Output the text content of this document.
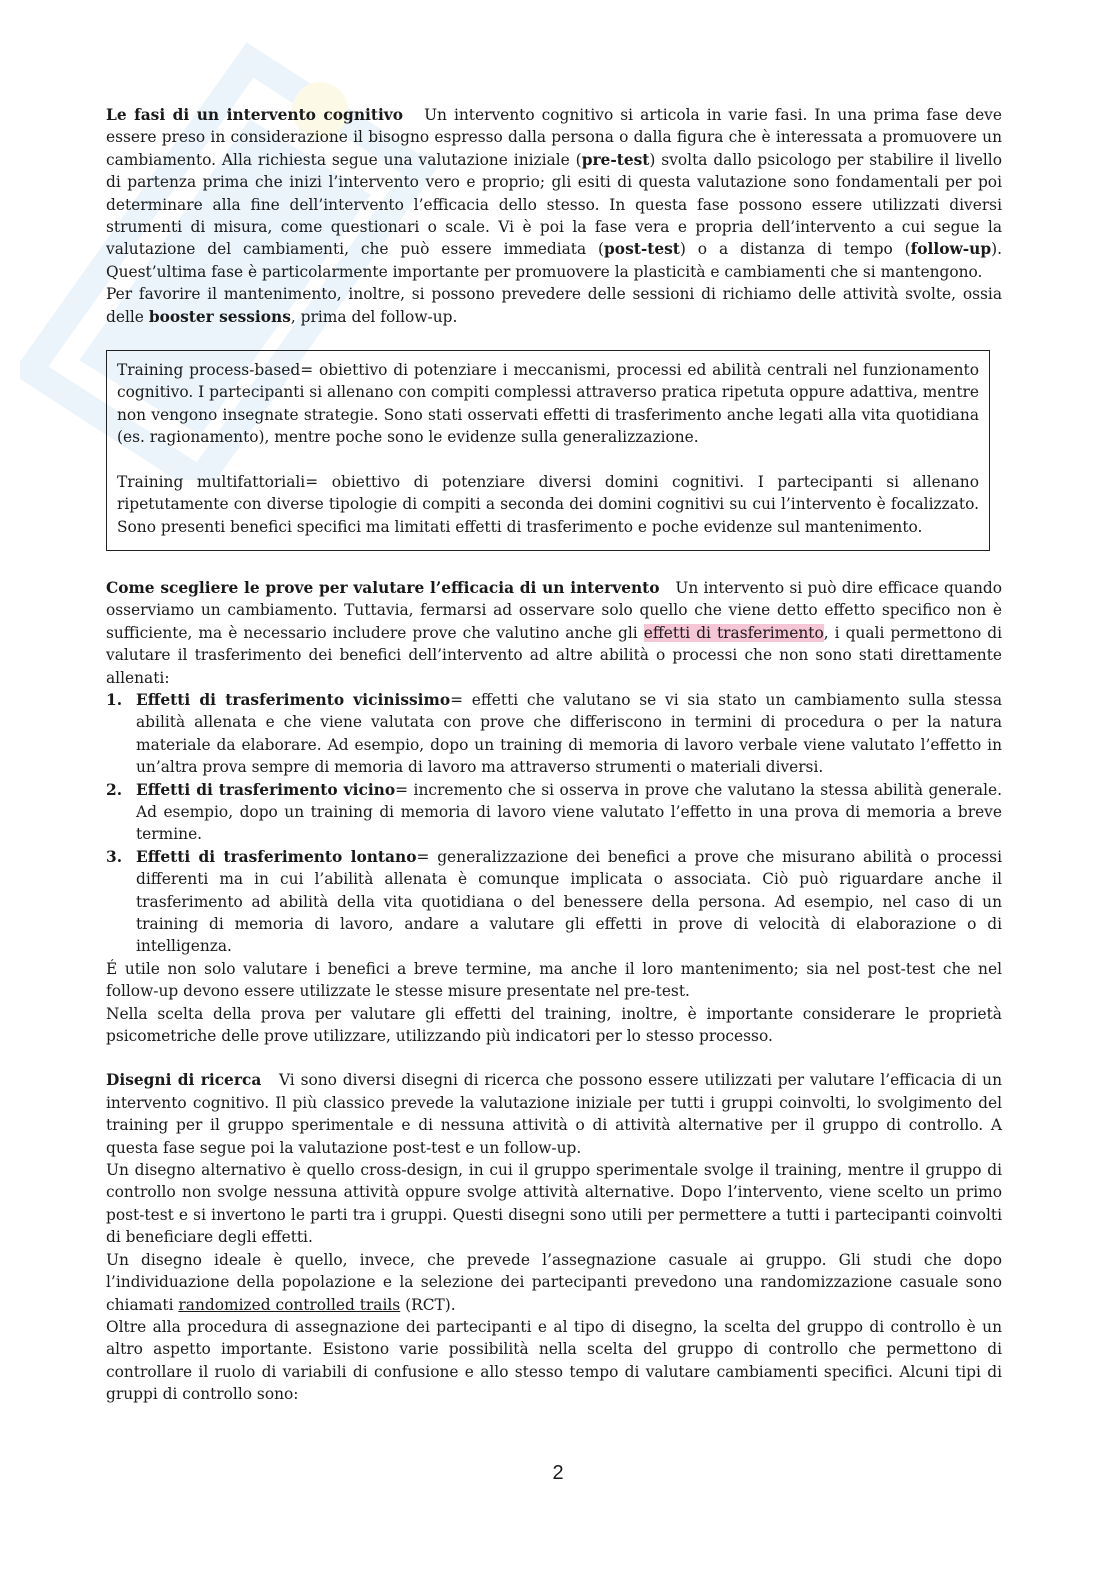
Le fasi di un intervento cognitivo Un intervento cognitivo si articola in varie fasi. In una prima fase deve essere preso in considerazione il bisogno espresso dalla persona o dalla figura che è interessata a promuovere un cambiamento. Alla richiesta segue una valutazione iniziale (pre-test) svolta dallo psicologo per stabilire il livello di partenza prima che inizi l’intervento vero e proprio; gli esiti di questa valutazione sono fondamentali per poi determinare alla fine dell’intervento l’efficacia dello stesso. In questa fase possono essere utilizzati diversi strumenti di misura, come questionari o scale. Vi è poi la fase vera e propria dell’intervento a cui segue la valutazione del cambiamenti, che può essere immediata (post-test) o a distanza di tempo (follow-up). Quest’ultima fase è particolarmente importante per promuovere la plasticità e cambiamenti che si mantengono.

Per favorire il mantenimento, inoltre, si possono prevedere delle sessioni di richiamo delle attività svolte, ossia delle booster sessions, prima del follow-up.

Training process-based= obiettivo di potenziare i meccanismi, processi ed abilità centrali nel funzionamento cognitivo. I partecipanti si allenano con compiti complessi attraverso pratica ripetuta oppure adattiva, mentre non vengono insegnate strategie. Sono stati osservati effetti di trasferimento anche legati alla vita quotidiana (es. ragionamento), mentre poche sono le evidenze sulla generalizzazione.

Training multifattoriali= obiettivo di potenziare diversi domini cognitivi. I partecipanti si allenano ripetutamente con diverse tipologie di compiti a seconda dei domini cognitivi su cui l’intervento è focalizzato. Sono presenti benefici specifici ma limitati effetti di trasferimento e poche evidenze sul mantenimento.

Come scegliere le prove per valutare l’efficacia di un intervento Un intervento si può dire efficace quando osserviamo un cambiamento. Tuttavia, fermarsi ad osservare solo quello che viene detto effetto specifico non è sufficiente, ma è necessario includere prove che valutino anche gli effetti di trasferimento, i quali permettono di valutare il trasferimento dei benefici dell’intervento ad altre abilità o processi che non sono stati direttamente allenati:

1. Effetti di trasferimento vicinissimo= effetti che valutano se vi sia stato un cambiamento sulla stessa abilità allenata e che viene valutata con prove che differiscono in termini di procedura o per la natura materiale da elaborare. Ad esempio, dopo un training di memoria di lavoro verbale viene valutato l’effetto in un’altra prova sempre di memoria di lavoro ma attraverso strumenti o materiali diversi.
2. Effetti di trasferimento vicino= incremento che si osserva in prove che valutano la stessa abilità generale. Ad esempio, dopo un training di memoria di lavoro viene valutato l’effetto in una prova di memoria a breve termine.
3. Effetti di trasferimento lontano= generalizzazione dei benefici a prove che misurano abilità o processi differenti ma in cui l’abilità allenata è comunque implicata o associata. Ciò può riguardare anche il trasferimento ad abilità della vita quotidiana o del benessere della persona. Ad esempio, nel caso di un training di memoria di lavoro, andare a valutare gli effetti in prove di velocità di elaborazione o di intelligenza.

É utile non solo valutare i benefici a breve termine, ma anche il loro mantenimento; sia nel post-test che nel follow-up devono essere utilizzate le stesse misure presentate nel pre-test.

Nella scelta della prova per valutare gli effetti del training, inoltre, è importante considerare le proprietà psicometriche delle prove utilizzare, utilizzando più indicatori per lo stesso processo.

Disegni di ricerca Vi sono diversi disegni di ricerca che possono essere utilizzati per valutare l’efficacia di un intervento cognitivo. Il più classico prevede la valutazione iniziale per tutti i gruppi coinvolti, lo svolgimento del training per il gruppo sperimentale e di nessuna attività o di attività alternative per il gruppo di controllo. A questa fase segue poi la valutazione post-test e un follow-up.

Un disegno alternativo è quello cross-design, in cui il gruppo sperimentale svolge il training, mentre il gruppo di controllo non svolge nessuna attività oppure svolge attività alternative. Dopo l’intervento, viene scelto un primo post-test e si invertono le parti tra i gruppi. Questi disegni sono utili per permettere a tutti i partecipanti coinvolti di beneficiare degli effetti.

Un disegno ideale è quello, invece, che prevede l’assegnazione casuale ai gruppo. Gli studi che dopo l’individuazione della popolazione e la selezione dei partecipanti prevedono una randomizzazione casuale sono chiamati randomized controlled trails (RCT).

Oltre alla procedura di assegnazione dei partecipanti e al tipo di disegno, la scelta del gruppo di controllo è un altro aspetto importante. Esistono varie possibilità nella scelta del gruppo di controllo che permettono di controllare il ruolo di variabili di confusione e allo stesso tempo di valutare cambiamenti specifici. Alcuni tipi di gruppi di controllo sono:

2
